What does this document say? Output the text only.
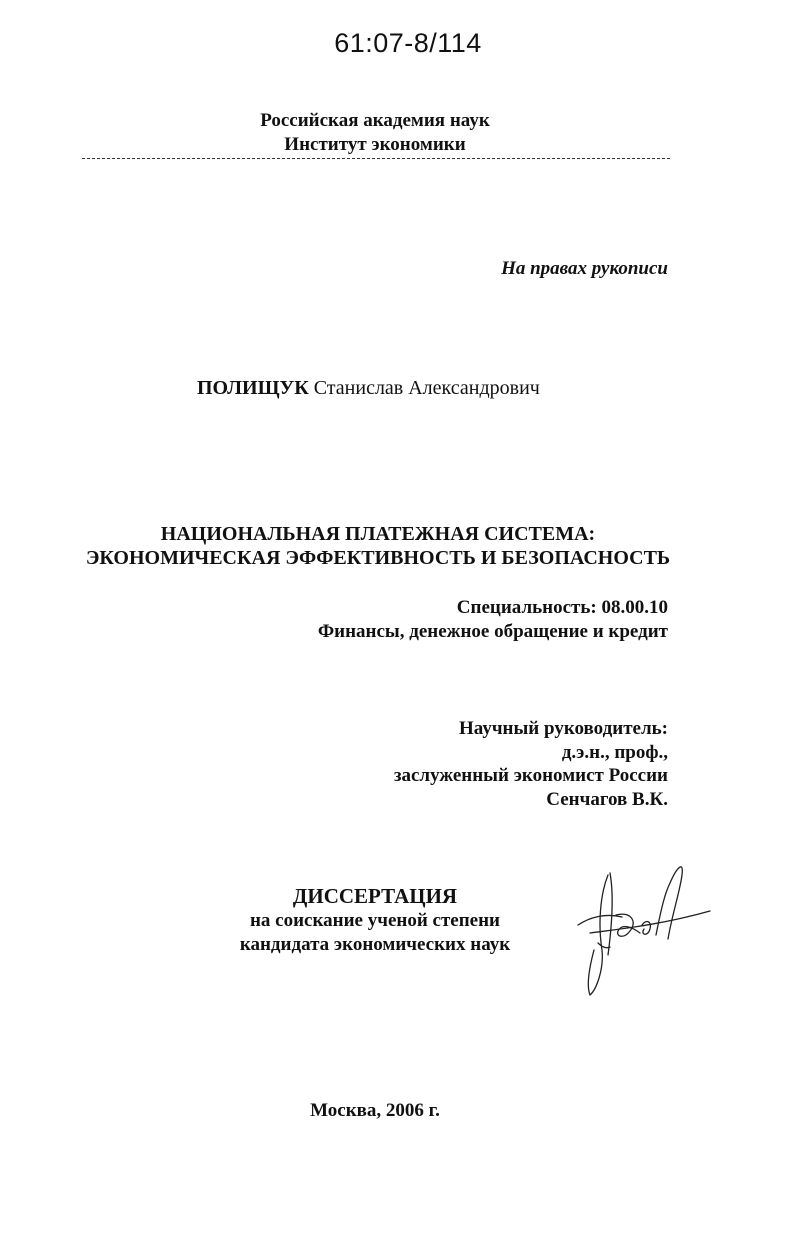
61:07-8/114
Российская академия наук
Институт экономики
На правах рукописи
ПОЛИЩУК Станислав Александрович
НАЦИОНАЛЬНАЯ ПЛАТЕЖНАЯ СИСТЕМА:
ЭКОНОМИЧЕСКАЯ ЭФФЕКТИВНОСТЬ И БЕЗОПАСНОСТЬ
Специальность: 08.00.10
Финансы, денежное обращение и кредит
Научный руководитель:
д.э.н., проф.,
заслуженный экономист России
Сенчагов В.К.
ДИССЕРТАЦИЯ
на соискание ученой степени
кандидата экономических наук
Москва, 2006 г.
